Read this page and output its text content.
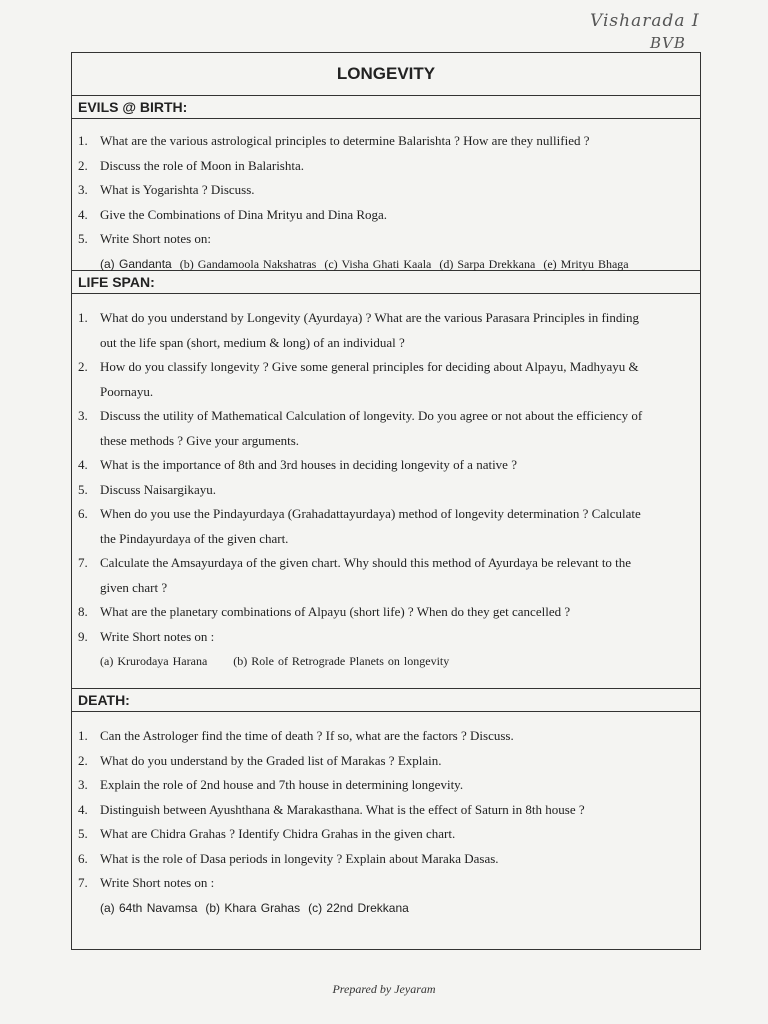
Visharada I
BVB
LONGEVITY
EVILS @ BIRTH:
1. What are the various astrological principles to determine Balarishta ? How are they nullified ?
2. Discuss the role of Moon in Balarishta.
3. What is Yogarishta ? Discuss.
4. Give the Combinations of Dina Mrityu and Dina Roga.
5. Write Short notes on:
(a) Gandanta (b) Gandamoola Nakshatras (c) Visha Ghati Kaala (d) Sarpa Drekkana (e) Mrityu Bhaga
LIFE SPAN:
1. What do you understand by Longevity (Ayurdaya) ? What are the various Parasara Principles in finding
out the life span (short, medium & long) of an individual ?
2. How do you classify longevity ? Give some general principles for deciding about Alpayu, Madhyayu &
Poornayu.
3. Discuss the utility of Mathematical Calculation of longevity. Do you agree or not about the efficiency of
these methods ? Give your arguments.
4. What is the importance of 8th and 3rd houses in deciding longevity of a native ?
5. Discuss Naisargikayu.
6. When do you use the Pindayurdaya (Grahadattayurdaya) method of longevity determination ? Calculate
the Pindayurdaya of the given chart.
7. Calculate the Amsayurdaya of the given chart. Why should this method of Ayurdaya be relevant to the
given chart ?
8. What are the planetary combinations of Alpayu (short life) ? When do they get cancelled ?
9. Write Short notes on :
(a) Krurodaya Harana (b) Role of Retrograde Planets on longevity
DEATH:
1. Can the Astrologer find the time of death ? If so, what are the factors ? Discuss.
2. What do you understand by the Graded list of Marakas ? Explain.
3. Explain the role of 2nd house and 7th house in determining longevity.
4. Distinguish between Ayushthana & Marakasthana. What is the effect of Saturn in 8th house ?
5. What are Chidra Grahas ? Identify Chidra Grahas in the given chart.
6. What is the role of Dasa periods in longevity ? Explain about Maraka Dasas.
7. Write Short notes on :
(a) 64th Navamsa (b) Khara Grahas (c) 22nd Drekkana
Prepared by Jeyaram
